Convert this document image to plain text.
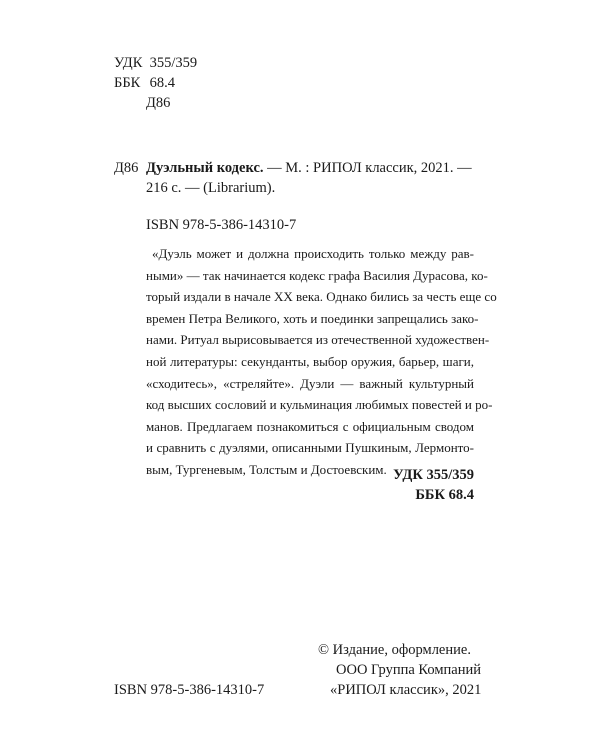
УДК 355/359
ББК 68.4
Д86
Д86 Дуэльный кодекс. — М. : РИПОЛ классик, 2021. —
216 с. — (Librarium).
ISBN 978-5-386-14310-7
«Дуэль может и должна происходить только между рав-
ными» — так начинается кодекс графа Василия Дурасова, ко-
торый издали в начале XX века. Однако бились за честь еще со
времен Петра Великого, хоть и поединки запрещались зако-
нами. Ритуал вырисовывается из отечественной художествен-
ной литературы: секунданты, выбор оружия, барьер, шаги,
«сходитесь», «стреляйте». Дуэли — важный культурный
код высших сословий и кульминация любимых повестей и ро-
манов. Предлагаем познакомиться с официальным сводом
и сравнить с дуэлями, описанными Пушкиным, Лермонто-
вым, Тургеневым, Толстым и Достоевским. УДК 355/359
ББК 68.4
© Издание, оформление.
ООО Группа Компаний
«РИПОЛ классик», 2021
ISBN 978-5-386-14310-7
